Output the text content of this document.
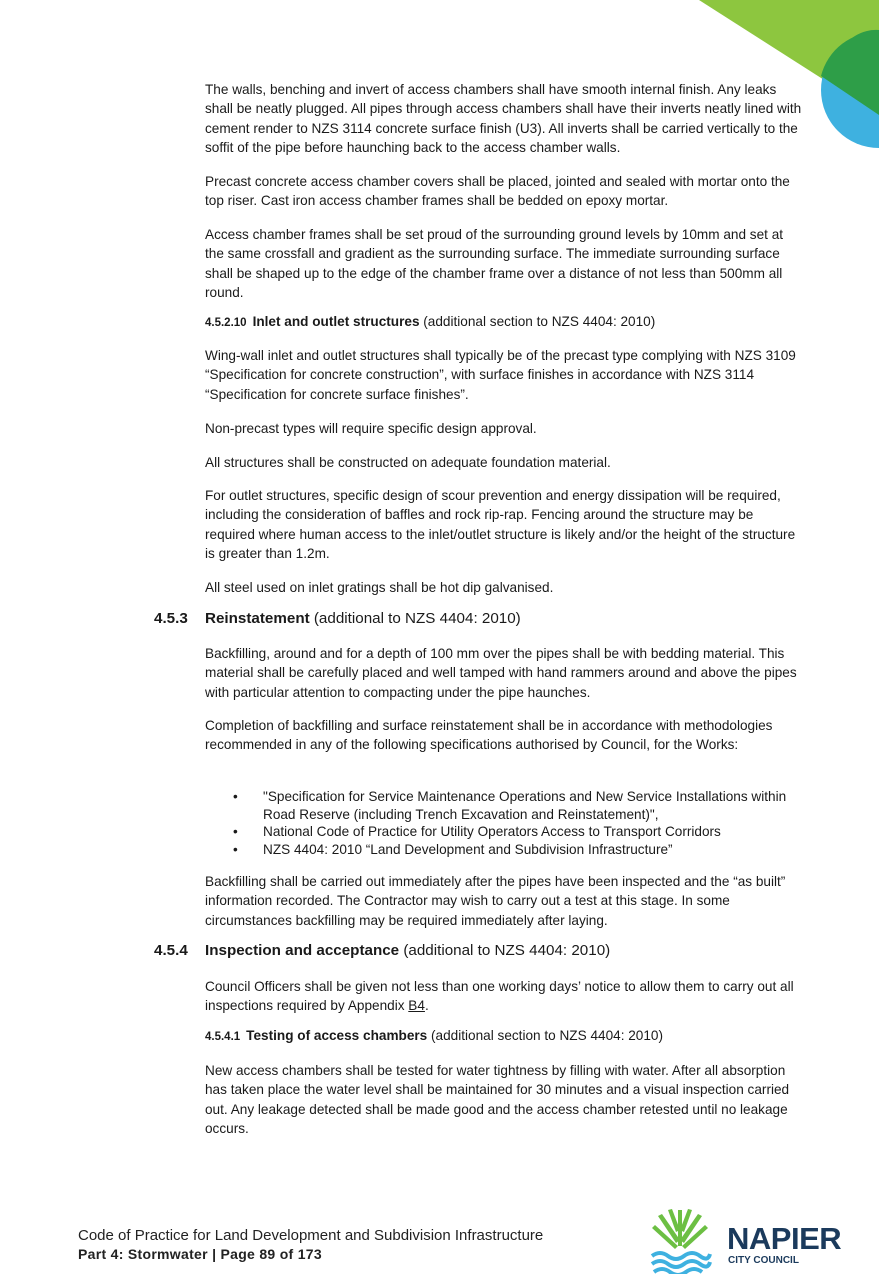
The walls, benching and invert of access chambers shall have smooth internal finish. Any leaks shall be neatly plugged. All pipes through access chambers shall have their inverts neatly lined with cement render to NZS 3114 concrete surface finish (U3). All inverts shall be carried vertically to the soffit of the pipe before haunching back to the access chamber walls.

Precast concrete access chamber covers shall be placed, jointed and sealed with mortar onto the top riser. Cast iron access chamber frames shall be bedded on epoxy mortar.

Access chamber frames shall be set proud of the surrounding ground levels by 10mm and set at the same crossfall and gradient as the surrounding surface. The immediate surrounding surface shall be shaped up to the edge of the chamber frame over a distance of not less than 500mm all round.

4.5.2.10 Inlet and outlet structures (additional section to NZS 4404: 2010)

Wing-wall inlet and outlet structures shall typically be of the precast type complying with NZS 3109 “Specification for concrete construction”, with surface finishes in accordance with NZS 3114 “Specification for concrete surface finishes”.

Non-precast types will require specific design approval.

All structures shall be constructed on adequate foundation material.

For outlet structures, specific design of scour prevention and energy dissipation will be required, including the consideration of baffles and rock rip-rap. Fencing around the structure may be required where human access to the inlet/outlet structure is likely and/or the height of the structure is greater than 1.2m.

All steel used on inlet gratings shall be hot dip galvanised.

4.5.3 Reinstatement (additional to NZS 4404: 2010)

Backfilling, around and for a depth of 100 mm over the pipes shall be with bedding material. This material shall be carefully placed and well tamped with hand rammers around and above the pipes with particular attention to compacting under the pipe haunches.

Completion of backfilling and surface reinstatement shall be in accordance with methodologies recommended in any of the following specifications authorised by Council, for the Works:

• "Specification for Service Maintenance Operations and New Service Installations within Road Reserve (including Trench Excavation and Reinstatement)",
• National Code of Practice for Utility Operators Access to Transport Corridors
• NZS 4404: 2010 “Land Development and Subdivision Infrastructure”

Backfilling shall be carried out immediately after the pipes have been inspected and the “as built” information recorded. The Contractor may wish to carry out a test at this stage. In some circumstances backfilling may be required immediately after laying.

4.5.4 Inspection and acceptance (additional to NZS 4404: 2010)

Council Officers shall be given not less than one working days’ notice to allow them to carry out all inspections required by Appendix B4.

4.5.4.1 Testing of access chambers (additional section to NZS 4404: 2010)

New access chambers shall be tested for water tightness by filling with water. After all absorption has taken place the water level shall be maintained for 30 minutes and a visual inspection carried out. Any leakage detected shall be made good and the access chamber retested until no leakage occurs.

Code of Practice for Land Development and Subdivision Infrastructure
Part 4: Stormwater | Page 89 of 173	NAPIER
CITY COUNCIL
